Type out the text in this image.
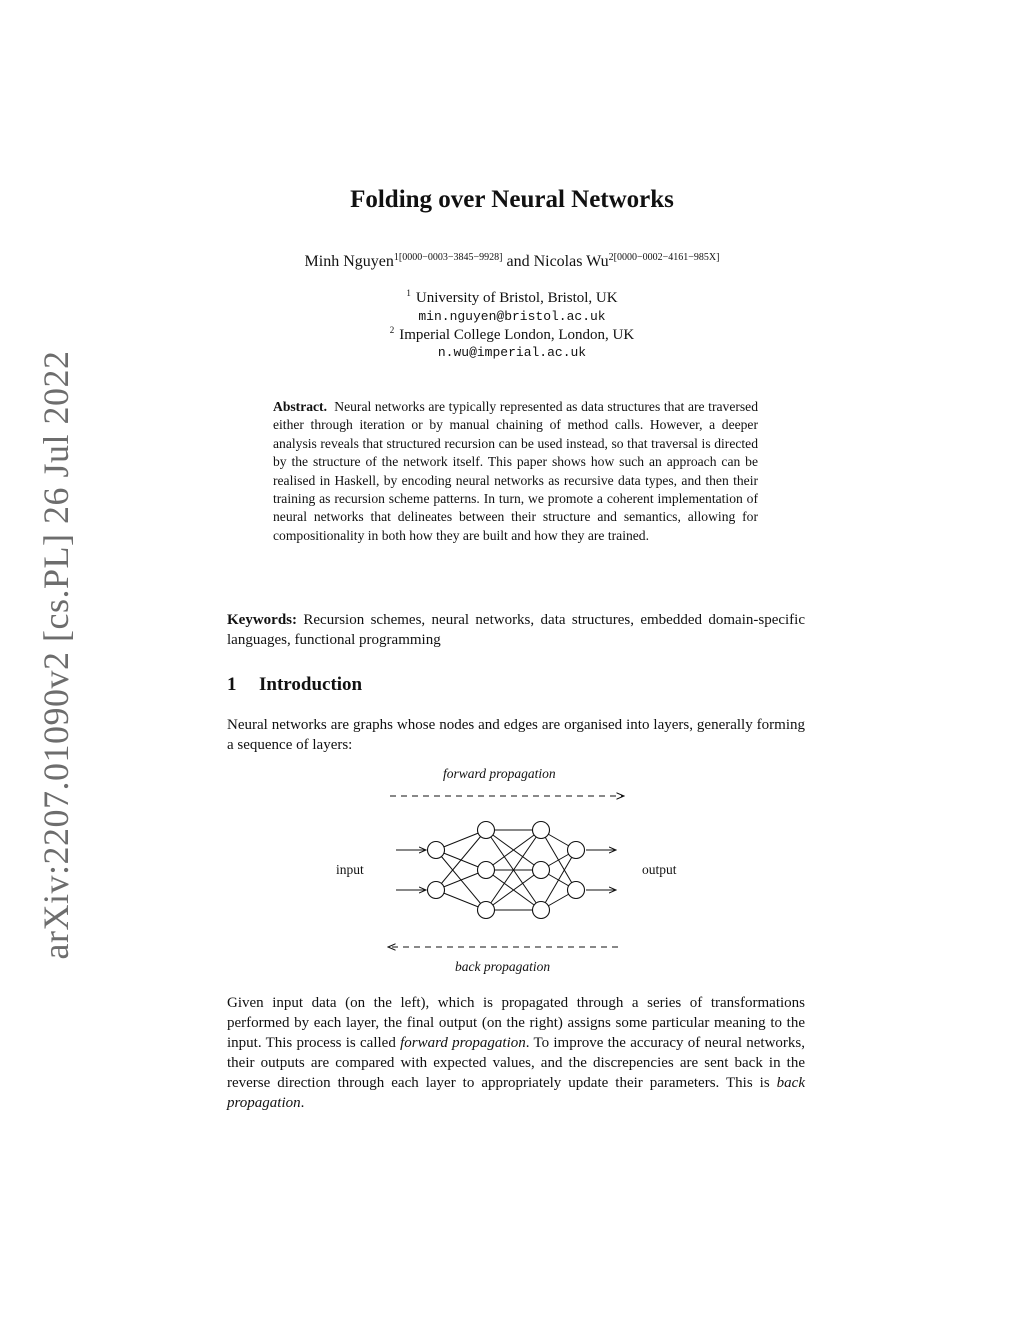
arXiv:2207.01090v2 [cs.PL] 26 Jul 2022
Folding over Neural Networks
Minh Nguyen$^{1[0000-0003-3845-9928]}$ and Nicolas $Wu^{2[0000-0002-4161-985X]}$
$^1$ University of Bristol, Bristol, UK
min.nguyen@bristol.ac.uk
$^2$ Imperial College London, London, UK
n.wu@imperial.ac.uk
Abstract. Neural networks are typically represented as data structures that are traversed either through iteration or by manual chaining of method calls. However, a deeper analysis reveals that structured recursion can be used instead, so that traversal is directed by the structure of the network itself. This paper shows how such an approach can be realised in Haskell, by encoding neural networks as recursive data types, and then their training as recursion scheme patterns. In turn, we promote a coherent implementation of neural networks that delineates between their structure and semantics, allowing for compositionality in both how they are built and how they are trained.
Keywords: Recursion schemes, neural networks, data structures, embedded domain-specific languages, functional programming
1 Introduction
Neural networks are graphs whose nodes and edges are organised into layers, generally forming a sequence of layers:
forward propagation
input	output
back propagation
Given input data (on the left), which is propagated through a series of transformations performed by each layer, the final output (on the right) assigns some particular meaning to the input. This process is called forward propagation. To improve the accuracy of neural networks, their outputs are compared with expected values, and the discrepencies are sent back in the reverse direction through each layer to appropriately update their parameters. This is back propagation.
